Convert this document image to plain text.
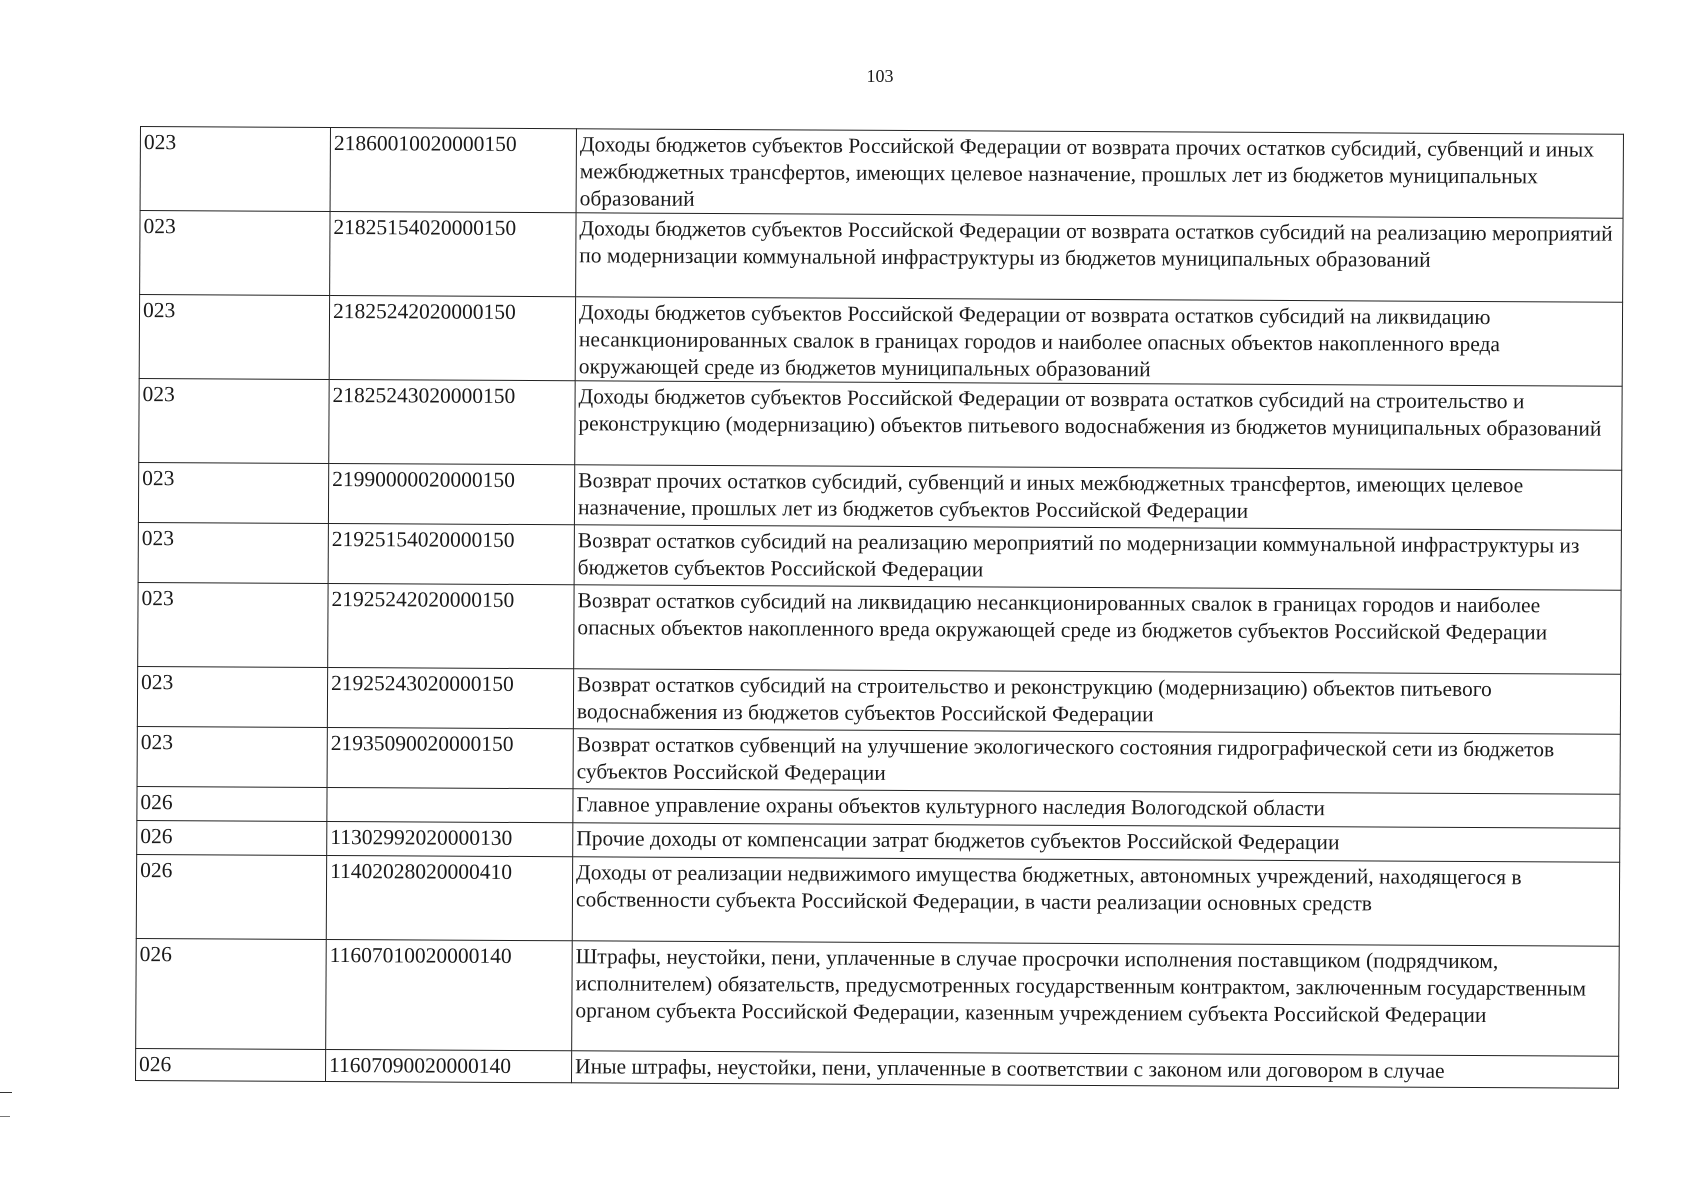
103
023	21860010020000150	Доходы бюджетов субъектов Российской Федерации от возврата прочих остатков субсидий, субвенций и иных межбюджетных трансфертов, имеющих целевое назначение, прошлых лет из бюджетов муниципальных образований
023	21825154020000150	Доходы бюджетов субъектов Российской Федерации от возврата остатков субсидий на реализацию мероприятий по модернизации коммунальной инфраструктуры из бюджетов муниципальных образований
023	21825242020000150	Доходы бюджетов субъектов Российской Федерации от возврата остатков субсидий на ликвидацию несанкционированных свалок в границах городов и наиболее опасных объектов накопленного вреда окружающей среде из бюджетов муниципальных образований
023	21825243020000150	Доходы бюджетов субъектов Российской Федерации от возврата остатков субсидий на строительство и реконструкцию (модернизацию) объектов питьевого водоснабжения из бюджетов муниципальных образований
023	21990000020000150	Возврат прочих остатков субсидий, субвенций и иных межбюджетных трансфертов, имеющих целевое назначение, прошлых лет из бюджетов субъектов Российской Федерации
023	21925154020000150	Возврат остатков субсидий на реализацию мероприятий по модернизации коммунальной инфраструктуры из бюджетов субъектов Российской Федерации
023	21925242020000150	Возврат остатков субсидий на ликвидацию несанкционированных свалок в границах городов и наиболее опасных объектов накопленного вреда окружающей среде из бюджетов субъектов Российской Федерации
023	21925243020000150	Возврат остатков субсидий на строительство и реконструкцию (модернизацию) объектов питьевого водоснабжения из бюджетов субъектов Российской Федерации
023	21935090020000150	Возврат остатков субвенций на улучшение экологического состояния гидрографической сети из бюджетов субъектов Российской Федерации
026		Главное управление охраны объектов культурного наследия Вологодской области
026	11302992020000130	Прочие доходы от компенсации затрат бюджетов субъектов Российской Федерации
026	11402028020000410	Доходы от реализации недвижимого имущества бюджетных, автономных учреждений, находящегося в собственности субъекта Российской Федерации, в части реализации основных средств
026	11607010020000140	Штрафы, неустойки, пени, уплаченные в случае просрочки исполнения поставщиком (подрядчиком, исполнителем) обязательств, предусмотренных государственным контрактом, заключенным государственным органом субъекта Российской Федерации, казенным учреждением субъекта Российской Федерации
026	11607090020000140	Иные штрафы, неустойки, пени, уплаченные в соответствии с законом или договором в случае
